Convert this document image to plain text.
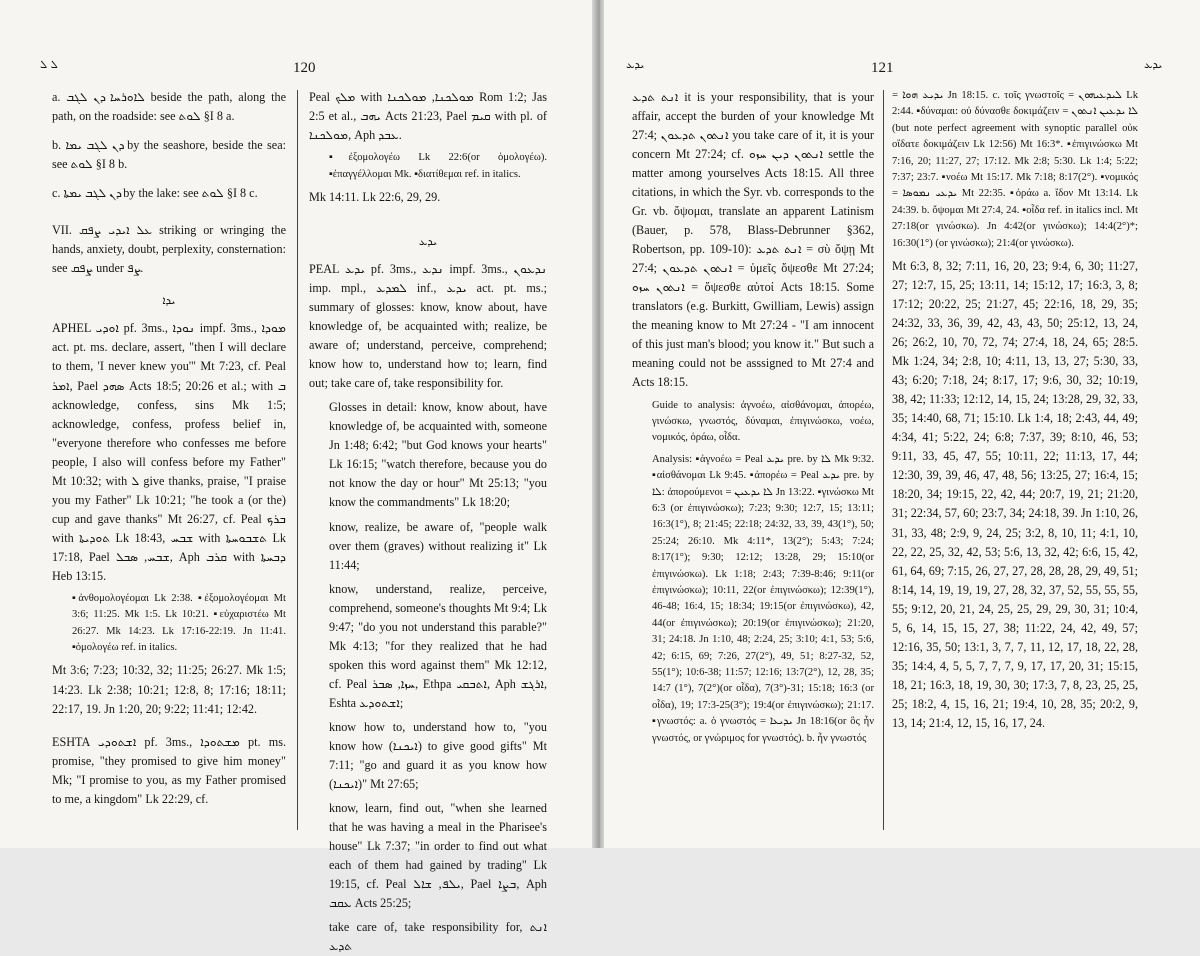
ܠ ܠ	120

a. ܠܐܘܪܚܐ ܕܢ ܠܓܒ beside the path, along the path, on the roadside: see ܠܘܬ §I 8 a.

b. ܕܢ ܠܓܒ ܝܡܐ by the seashore, beside the sea: see ܠܘܬ §I 8 b.

c. ܕܢ ܠܓܒ ܝܡܬܐ by the lake: see ܠܘܬ §I 8 c.

VII. ܥܠ ܐܝܕܝ ܨܦܩ striking or wringing the hands, anxiety, doubt, perplexity, consternation: see ܨܦܩ under ܨܦ.

ܝܕܐ

APHEL ܐܘܕܝ pf. 3ms., ܢܘܕܐ impf. 3ms., ܡܘܕܐ act. pt. ms. declare, assert, "then I will declare to them, 'I never knew you'" Mt 7:23, cf. Peal ܐܡܪ, Pael ܣܗܕ Acts 18:5; 20:26 et al.; with ܒ acknowledge, confess, sins Mk 1:5; acknowledge, confess, profess belief in, "everyone therefore who confesses me before people, I also will confess before my Father" Mt 10:32; with ܠ give thanks, praise, "I praise you my Father" Lk 10:21; "he took a (or the) cup and gave thanks" Mt 26:27, cf. Peal ܒܪܟ with ܬܘܕܝܬܐ Lk 18:43, ܫܒܚ with ܬܫܒܘܚܬܐ Lk 17:18, Pael ܫܒܚ, ܣܒܠ, Aph ܩܪܒ with ܕܒܚܬܐ Heb 13:15.

▪ἀνθομολογέομαι Lk 2:38. ▪ἐξομολογέομαι Mt 3:6; 11:25. Mk 1:5. Lk 10:21. ▪εὐχαριστέω Mt 26:27. Mk 14:23. Lk 17:16-22:19. Jn 11:41. ▪ὁμολογέω ref. in italics.

Mt 3:6; 7:23; 10:32, 32; 11:25; 26:27. Mk 1:5; 14:23. Lk 2:38; 10:21; 12:8, 8; 17:16; 18:11; 22:17, 19. Jn 1:20, 20; 9:22; 11:41; 12:42.

ESHTA ܐܫܬܘܕܝ pf. 3ms., ܡܫܬܘܕܐ pt. ms. promise, "they promised to give him money" Mk; "I promise to you, as my Father promised to me, a kingdom" Lk 22:29, cf.

Peal ܡܠܟ with ܡܘܠܟܢܐ, ܡܘܠܟܢܐ Rom 1:2; Jas 2:5 et al., ܝܗܒ Acts 21:23, Pael ܩܝܡ with pl. of ܡܘܠܟܢܐ, Aph ܥܒܕ.

▪ἐξομολογέω Lk 22:6(or ὁμολογέω). ▪ἐπαγγέλλομαι Mk. ▪διατίθεμαι ref. in italics.

Mk 14:11. Lk 22:6, 29, 29.

ܝܕܥ

PEAL ܝܕܥ pf. 3ms., ܢܕܥ impf. 3ms., ܢܕܥܘܢ imp. mpl., ܠܡܕܥ inf., ܝܕܥ act. pt. ms.; summary of glosses: know, know about, have knowledge of, be acquainted with; realize, be aware of; understand, perceive, comprehend; know how to, understand how to; learn, find out; take care of, take responsibility for.

Glosses in detail: know, know about, have knowledge of, be acquainted with, someone Jn 1:48; 6:42; "but God knows your hearts" Lk 16:15; "watch therefore, because you do not know the day or hour" Mt 25:13; "you know the commandments" Lk 18:20;

know, realize, be aware of, "people walk over them (graves) without realizing it" Lk 11:44;

know, understand, realize, perceive, comprehend, someone's thoughts Mt 9:4; Lk 9:47; "do you not understand this parable?" Mk 4:13; "for they realized that he had spoken this word against them" Mk 12:12, cf. Peal ܚܙܐ, ܣܒܪ, Ethpa ܐܬܒܩܝ, Aph ܐܪܓܫ, Eshta ܐܫܬܘܕܥ;

know how to, understand how to, "you know how (ܐܝܟܢܐ) to give good gifts" Mt 7:11; "go and guard it as you know how (ܐܝܟܢܐ)" Mt 27:65;

know, learn, find out, "when she learned that he was having a meal in the Pharisee's house" Lk 7:37; "in order to find out what each of them had gained by trading" Lk 19:15, cf. Peal ܝܠܦ, ܫܐܠ, Pael ܒܨܐ, Aph ܥܩܒ Acts 25:25;

take care of, take responsibility for, ܐܢܬ ܬܕܥ

ܝܕܥ	121	ܝܕܥ

ܐܢܬ ܬܕܥ it is your responsibility, that is your affair, accept the burden of your knowledge Mt 27:4; ܐܢܬܘܢ ܬܕܥܘܢ you take care of it, it is your concern Mt 27:24; cf. ܐܢܬܘܢ ܕܝܢ ܚܙܘ settle the matter among yourselves Acts 18:15. All three citations, in which the Syr. vb. corresponds to the Gr. vb. ὄψομαι, translate an apparent Latinism (Bauer, p. 578, Blass-Debrunner §362, Robertson, pp. 109-10): ܐܢܬ ܬܕܥ = σὺ ὄψῃ Mt 27:4; ܐܢܬܘܢ ܬܕܥܘܢ = ὑμεῖς ὄψεσθε Mt 27:24; ܐܢܬܘܢ ܚܙܘ = ὄψεσθε αὐτοί Acts 18:15. Some translators (e.g. Burkitt, Gwilliam, Lewis) assign the meaning know to Mt 27:24 - "I am innocent of this just man's blood; you know it." But such a meaning could not be asssigned to Mt 27:4 and Acts 18:15.

Guide to analysis: ἀγνοέω, αἰσθάνομαι, ἀπορέω, γινώσκω, γνωστός, δύναμαι, ἐπιγινώσκω, νοέω, νομικός, ὁράω, οἶδα.

Analysis: ▪ἀγνοέω = Peal ܝܕܥ pre. by ܠܐ Mk 9:32. ▪αἰσθάνομαι Lk 9:45. ▪ἀπορέω = Peal ܝܕܥ pre. by ܠܐ: ἀπορούμενοι = ܠܐ ܝܕܥܝܢ Jn 13:22. ▪γινώσκω Mt 6:3 (or ἐπιγινώσκω); 7:23; 9:30; 12:7, 15; 13:11; 16:3(1°), 8; 21:45; 22:18; 24:32, 33, 39, 43(1°), 50; 25:24; 26:10. Mk 4:11*, 13(2°); 5:43; 7:24; 8:17(1°); 9:30; 12:12; 13:28, 29; 15:10(or ἐπιγινώσκω). Lk 1:18; 2:43; 7:39-8:46; 9:11(or ἐπιγινώσκω); 10:11, 22(or ἐπιγινώσκω); 12:39(1°), 46-48; 16:4, 15; 18:34; 19:15(or ἐπιγινώσκω), 42, 44(or ἐπιγινώσκω); 20:19(or ἐπιγινώσκω); 21:20, 31; 24:18. Jn 1:10, 48; 2:24, 25; 3:10; 4:1, 53; 5:6, 42; 6:15, 69; 7:26, 27(2°), 49, 51; 8:27-32, 52, 55(1°); 10:6-38; 11:57; 12:16; 13:7(2°), 12, 28, 35; 14:7 (1°), 7(2°)(or οἶδα), 7(3°)-31; 15:18; 16:3 (or οἶδα), 19; 17:3-25(3°); 19:4(or ἐπιγινώσκω); 21:17. ▪γνωστός: a. ὁ γνωστός = ܝܕܝܥܐ Jn 18:16(or ὃς ἦν γνωστός, or γνώριμος for γνωστός). b. ἦν γνωστός

= ܝܕܝܥ ܗܘܐ Jn 18:15. c. τοῖς γνωστοῖς = ܠܝܕܥܝܗܘܢ Lk 2:44. ▪δύναμαι: οὐ δύνασθε δοκιμάζειν = ܠܐ ܝܕܥܝܢ ܐܢܬܘܢ (but note perfect agreement with synoptic parallel οὐκ οἴδατε δοκιμάζειν Lk 12:56) Mt 16:3*. ▪ἐπιγινώσκω Mt 7:16, 20; 11:27, 27; 17:12. Mk 2:8; 5:30. Lk 1:4; 5:22; 7:37; 23:7. ▪νοέω Mt 15:17. Mk 7:18; 8:17(2°). ▪νομικός = ܝܕܥܝ ܢܡܘܣܐ Mt 22:35. ▪ὁράω a. ἴδον Mt 13:14. Lk 24:39. b. ὄψομαι Mt 27:4, 24. ▪οἶδα ref. in italics incl. Mt 27:18(or γινώσκω). Jn 4:42(or γινώσκω); 14:4(2°)*; 16:30(1°) (or γινώσκω); 21:4(or γινώσκω).

Mt 6:3, 8, 32; 7:11, 16, 20, 23; 9:4, 6, 30; 11:27, 27; 12:7, 15, 25; 13:11, 14; 15:12, 17; 16:3, 3, 8; 17:12; 20:22, 25; 21:27, 45; 22:16, 18, 29, 35; 24:32, 33, 36, 39, 42, 43, 43, 50; 25:12, 13, 24, 26; 26:2, 10, 70, 72, 74; 27:4, 18, 24, 65; 28:5. Mk 1:24, 34; 2:8, 10; 4:11, 13, 13, 27; 5:30, 33, 43; 6:20; 7:18, 24; 8:17, 17; 9:6, 30, 32; 10:19, 38, 42; 11:33; 12:12, 14, 15, 24; 13:28, 29, 32, 33, 35; 14:40, 68, 71; 15:10. Lk 1:4, 18; 2:43, 44, 49; 4:34, 41; 5:22, 24; 6:8; 7:37, 39; 8:10, 46, 53; 9:11, 33, 45, 47, 55; 10:11, 22; 11:13, 17, 44; 12:30, 39, 39, 46, 47, 48, 56; 13:25, 27; 16:4, 15; 18:20, 34; 19:15, 22, 42, 44; 20:7, 19, 21; 21:20, 31; 22:34, 57, 60; 23:7, 34; 24:18, 39. Jn 1:10, 26, 31, 33, 48; 2:9, 9, 24, 25; 3:2, 8, 10, 11; 4:1, 10, 22, 22, 25, 32, 42, 53; 5:6, 13, 32, 42; 6:6, 15, 42, 61, 64, 69; 7:15, 26, 27, 27, 28, 28, 28, 29, 49, 51; 8:14, 14, 19, 19, 19, 27, 28, 32, 37, 52, 55, 55, 55, 55; 9:12, 20, 21, 24, 25, 25, 29, 29, 30, 31; 10:4, 5, 6, 14, 15, 15, 27, 38; 11:22, 24, 42, 49, 57; 12:16, 35, 50; 13:1, 3, 7, 7, 11, 12, 17, 18, 22, 28, 35; 14:4, 4, 5, 5, 7, 7, 7, 9, 17, 17, 20, 31; 15:15, 18, 21; 16:3, 18, 19, 30, 30; 17:3, 7, 8, 23, 25, 25, 25; 18:2, 4, 15, 16, 21; 19:4, 10, 28, 35; 20:2, 9, 13, 14; 21:4, 12, 15, 16, 17, 24.
